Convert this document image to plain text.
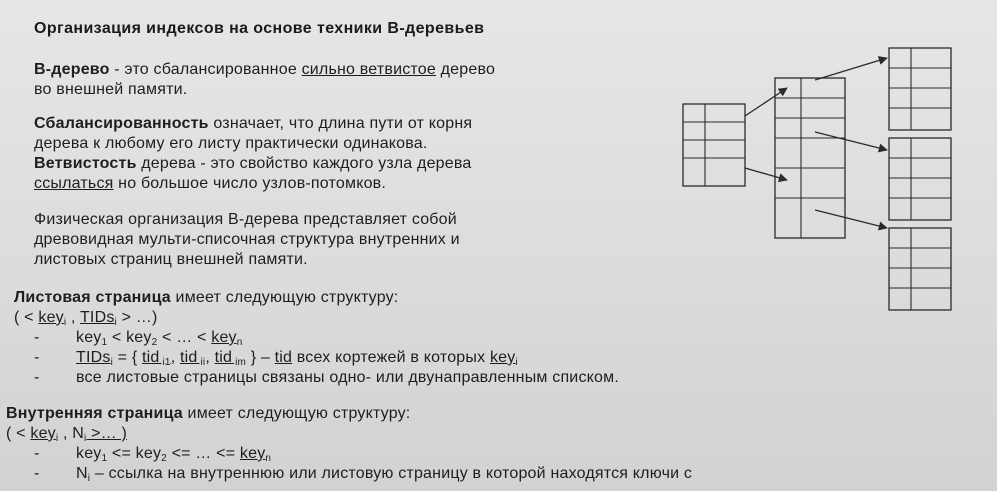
Организация индексов на основе техники B-деревьев
B-дерево - это сбалансированное сильно ветвистое дерево
во внешней памяти.
Сбалансированность означает, что длина пути от корня
дерева к любому его листу практически одинакова.
Ветвистость дерева - это свойство каждого узла дерева
ссылаться но большое число узлов-потомков.
Физическая организация B-дерева представляет собой
древовидная мульти-списочная структура внутренних и
листовых страниц внешней памяти.
Листовая страница имеет следующую структуру:
( < key$_i$ , TIDs$_i$ > …)
-	key$_1$ < key$_2$ < … < key$_n$
-	TIDs$_i$ = { tid $_{i1}$, tid $_{ii}$, tid $_{im}$ } – tid всех кортежей в которых key$_i$
-	все листовые страницы связаны одно- или двунаправленным списком.
Внутренняя страница имеет следующую структуру:
( < key$_i$ , $N_i$ >… )
-	key$_1$ <= key$_2$ <= … <= key$_n$
-	$N_i$ – ссылка на внутреннюю или листовую страницу в которой находятся ключи с
